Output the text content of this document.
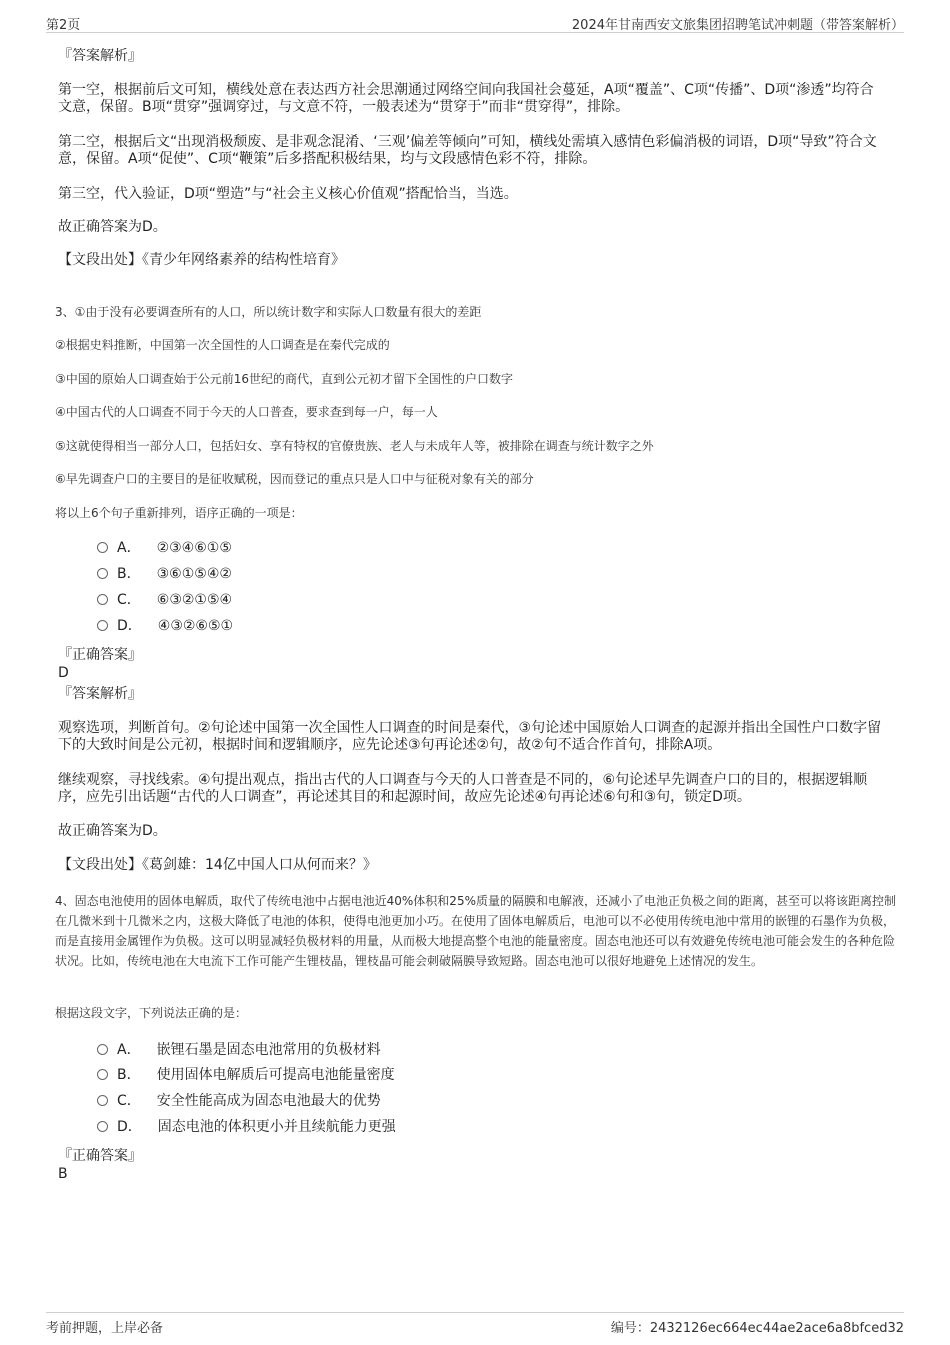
第2页	2024年甘南西安文旅集团招聘笔试冲刺题（带答案解析）
『答案解析』
第一空，根据前后文可知，横线处意在表达西方社会思潮通过网络空间向我国社会蔓延，A项“覆盖”、C项“传播”、D项“渗透”均符合文意，保留。B项“贯穿”强调穿过，与文意不符，一般表述为“贯穿于”而非“贯穿得”，排除。
第二空，根据后文“出现消极颓废、是非观念混淆、‘三观’偏差等倾向”可知，横线处需填入感情色彩偏消极的词语，D项“导致”符合文意，保留。A项“促使”、C项“鞭策”后多搭配积极结果，均与文段感情色彩不符，排除。
第三空，代入验证，D项“塑造”与“社会主义核心价值观”搭配恰当，当选。
故正确答案为D。
【文段出处】《青少年网络素养的结构性培育》
3、①由于没有必要调查所有的人口，所以统计数字和实际人口数量有很大的差距
②根据史料推断，中国第一次全国性的人口调查是在秦代完成的
③中国的原始人口调查始于公元前16世纪的商代，直到公元初才留下全国性的户口数字
④中国古代的人口调查不同于今天的人口普查，要求查到每一户，每一人
⑤这就使得相当一部分人口，包括妇女、享有特权的官僚贵族、老人与未成年人等，被排除在调查与统计数字之外
⑥早先调查户口的主要目的是征收赋税，因而登记的重点只是人口中与征税对象有关的部分
将以上6个句子重新排列，语序正确的一项是：
A． ②③④⑥①⑤
B． ③⑥①⑤④②
C． ⑥③②①⑤④
D． ④③②⑥⑤①
『正确答案』
D
『答案解析』
观察选项，判断首句。②句论述中国第一次全国性人口调查的时间是秦代，③句论述中国原始人口调查的起源并指出全国性户口数字留下的大致时间是公元初，根据时间和逻辑顺序，应先论述③句再论述②句，故②句不适合作首句，排除A项。
继续观察，寻找线索。④句提出观点，指出古代的人口调查与今天的人口普查是不同的，⑥句论述早先调查户口的目的，根据逻辑顺序，应先引出话题“古代的人口调查”，再论述其目的和起源时间，故应先论述④句再论述⑥句和③句，锁定D项。
故正确答案为D。
【文段出处】《葛剑雄：14亿中国人口从何而来？》
4、固态电池使用的固体电解质，取代了传统电池中占据电池近40%体积和25%质量的隔膜和电解液，还减小了电池正负极之间的距离，甚至可以将该距离控制在几微米到十几微米之内，这极大降低了电池的体积，使得电池更加小巧。在使用了固体电解质后，电池可以不必使用传统电池中常用的嵌锂的石墨作为负极，而是直接用金属锂作为负极。这可以明显减轻负极材料的用量，从而极大地提高整个电池的能量密度。固态电池还可以有效避免传统电池可能会发生的各种危险状况。比如，传统电池在大电流下工作可能产生锂枝晶，锂枝晶可能会刺破隔膜导致短路。固态电池可以很好地避免上述情况的发生。
根据这段文字，下列说法正确的是：
A． 嵌锂石墨是固态电池常用的负极材料
B． 使用固体电解质后可提高电池能量密度
C． 安全性能高成为固态电池最大的优势
D． 固态电池的体积更小并且续航能力更强
『正确答案』
B
考前押题，上岸必备	编号：2432126ec664ec44ae2ace6a8bfced32
